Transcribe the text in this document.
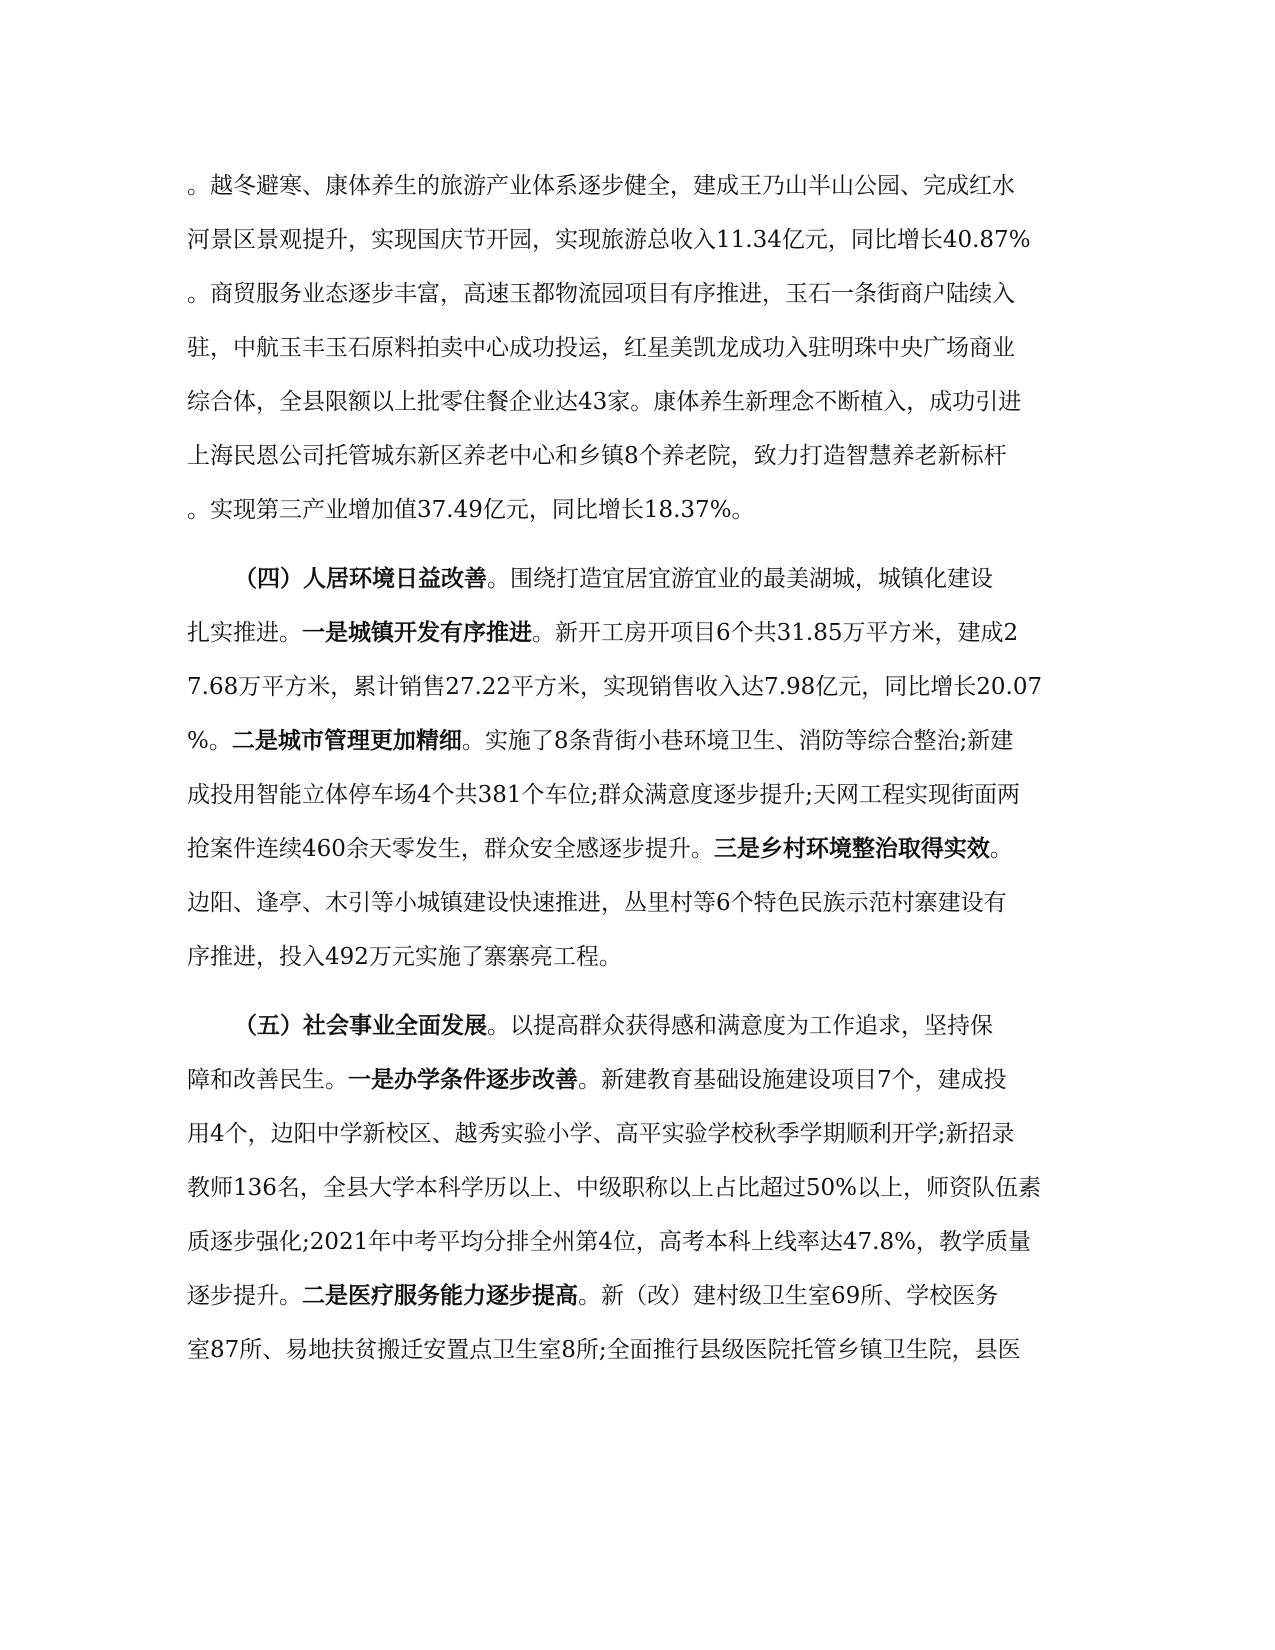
。越冬避寒、康体养生的旅游产业体系逐步健全，建成王乃山半山公园、完成红水
河景区景观提升，实现国庆节开园，实现旅游总收入11.34亿元，同比增长40.87%
。商贸服务业态逐步丰富，高速玉都物流园项目有序推进，玉石一条街商户陆续入
驻，中航玉丰玉石原料拍卖中心成功投运，红星美凯龙成功入驻明珠中央广场商业
综合体，全县限额以上批零住餐企业达43家。康体养生新理念不断植入，成功引进
上海民恩公司托管城东新区养老中心和乡镇8个养老院，致力打造智慧养老新标杆
。实现第三产业增加值37.49亿元，同比增长18.37%。
（四）人居环境日益改善。围绕打造宜居宜游宜业的最美湖城，城镇化建设
扎实推进。一是城镇开发有序推进。新开工房开项目6个共31.85万平方米，建成2
7.68万平方米，累计销售27.22平方米，实现销售收入达7.98亿元，同比增长20.07
%。二是城市管理更加精细。实施了8条背街小巷环境卫生、消防等综合整治;新建
成投用智能立体停车场4个共381个车位;群众满意度逐步提升;天网工程实现街面两
抢案件连续460余天零发生，群众安全感逐步提升。三是乡村环境整治取得实效。
边阳、逢亭、木引等小城镇建设快速推进，丛里村等6个特色民族示范村寨建设有
序推进，投入492万元实施了寨寨亮工程。
（五）社会事业全面发展。以提高群众获得感和满意度为工作追求，坚持保
障和改善民生。一是办学条件逐步改善。新建教育基础设施建设项目7个，建成投
用4个，边阳中学新校区、越秀实验小学、高平实验学校秋季学期顺利开学;新招录
教师136名，全县大学本科学历以上、中级职称以上占比超过50%以上，师资队伍素
质逐步强化;2021年中考平均分排全州第4位，高考本科上线率达47.8%，教学质量
逐步提升。二是医疗服务能力逐步提高。新（改）建村级卫生室69所、学校医务
室87所、易地扶贫搬迁安置点卫生室8所;全面推行县级医院托管乡镇卫生院，县医
